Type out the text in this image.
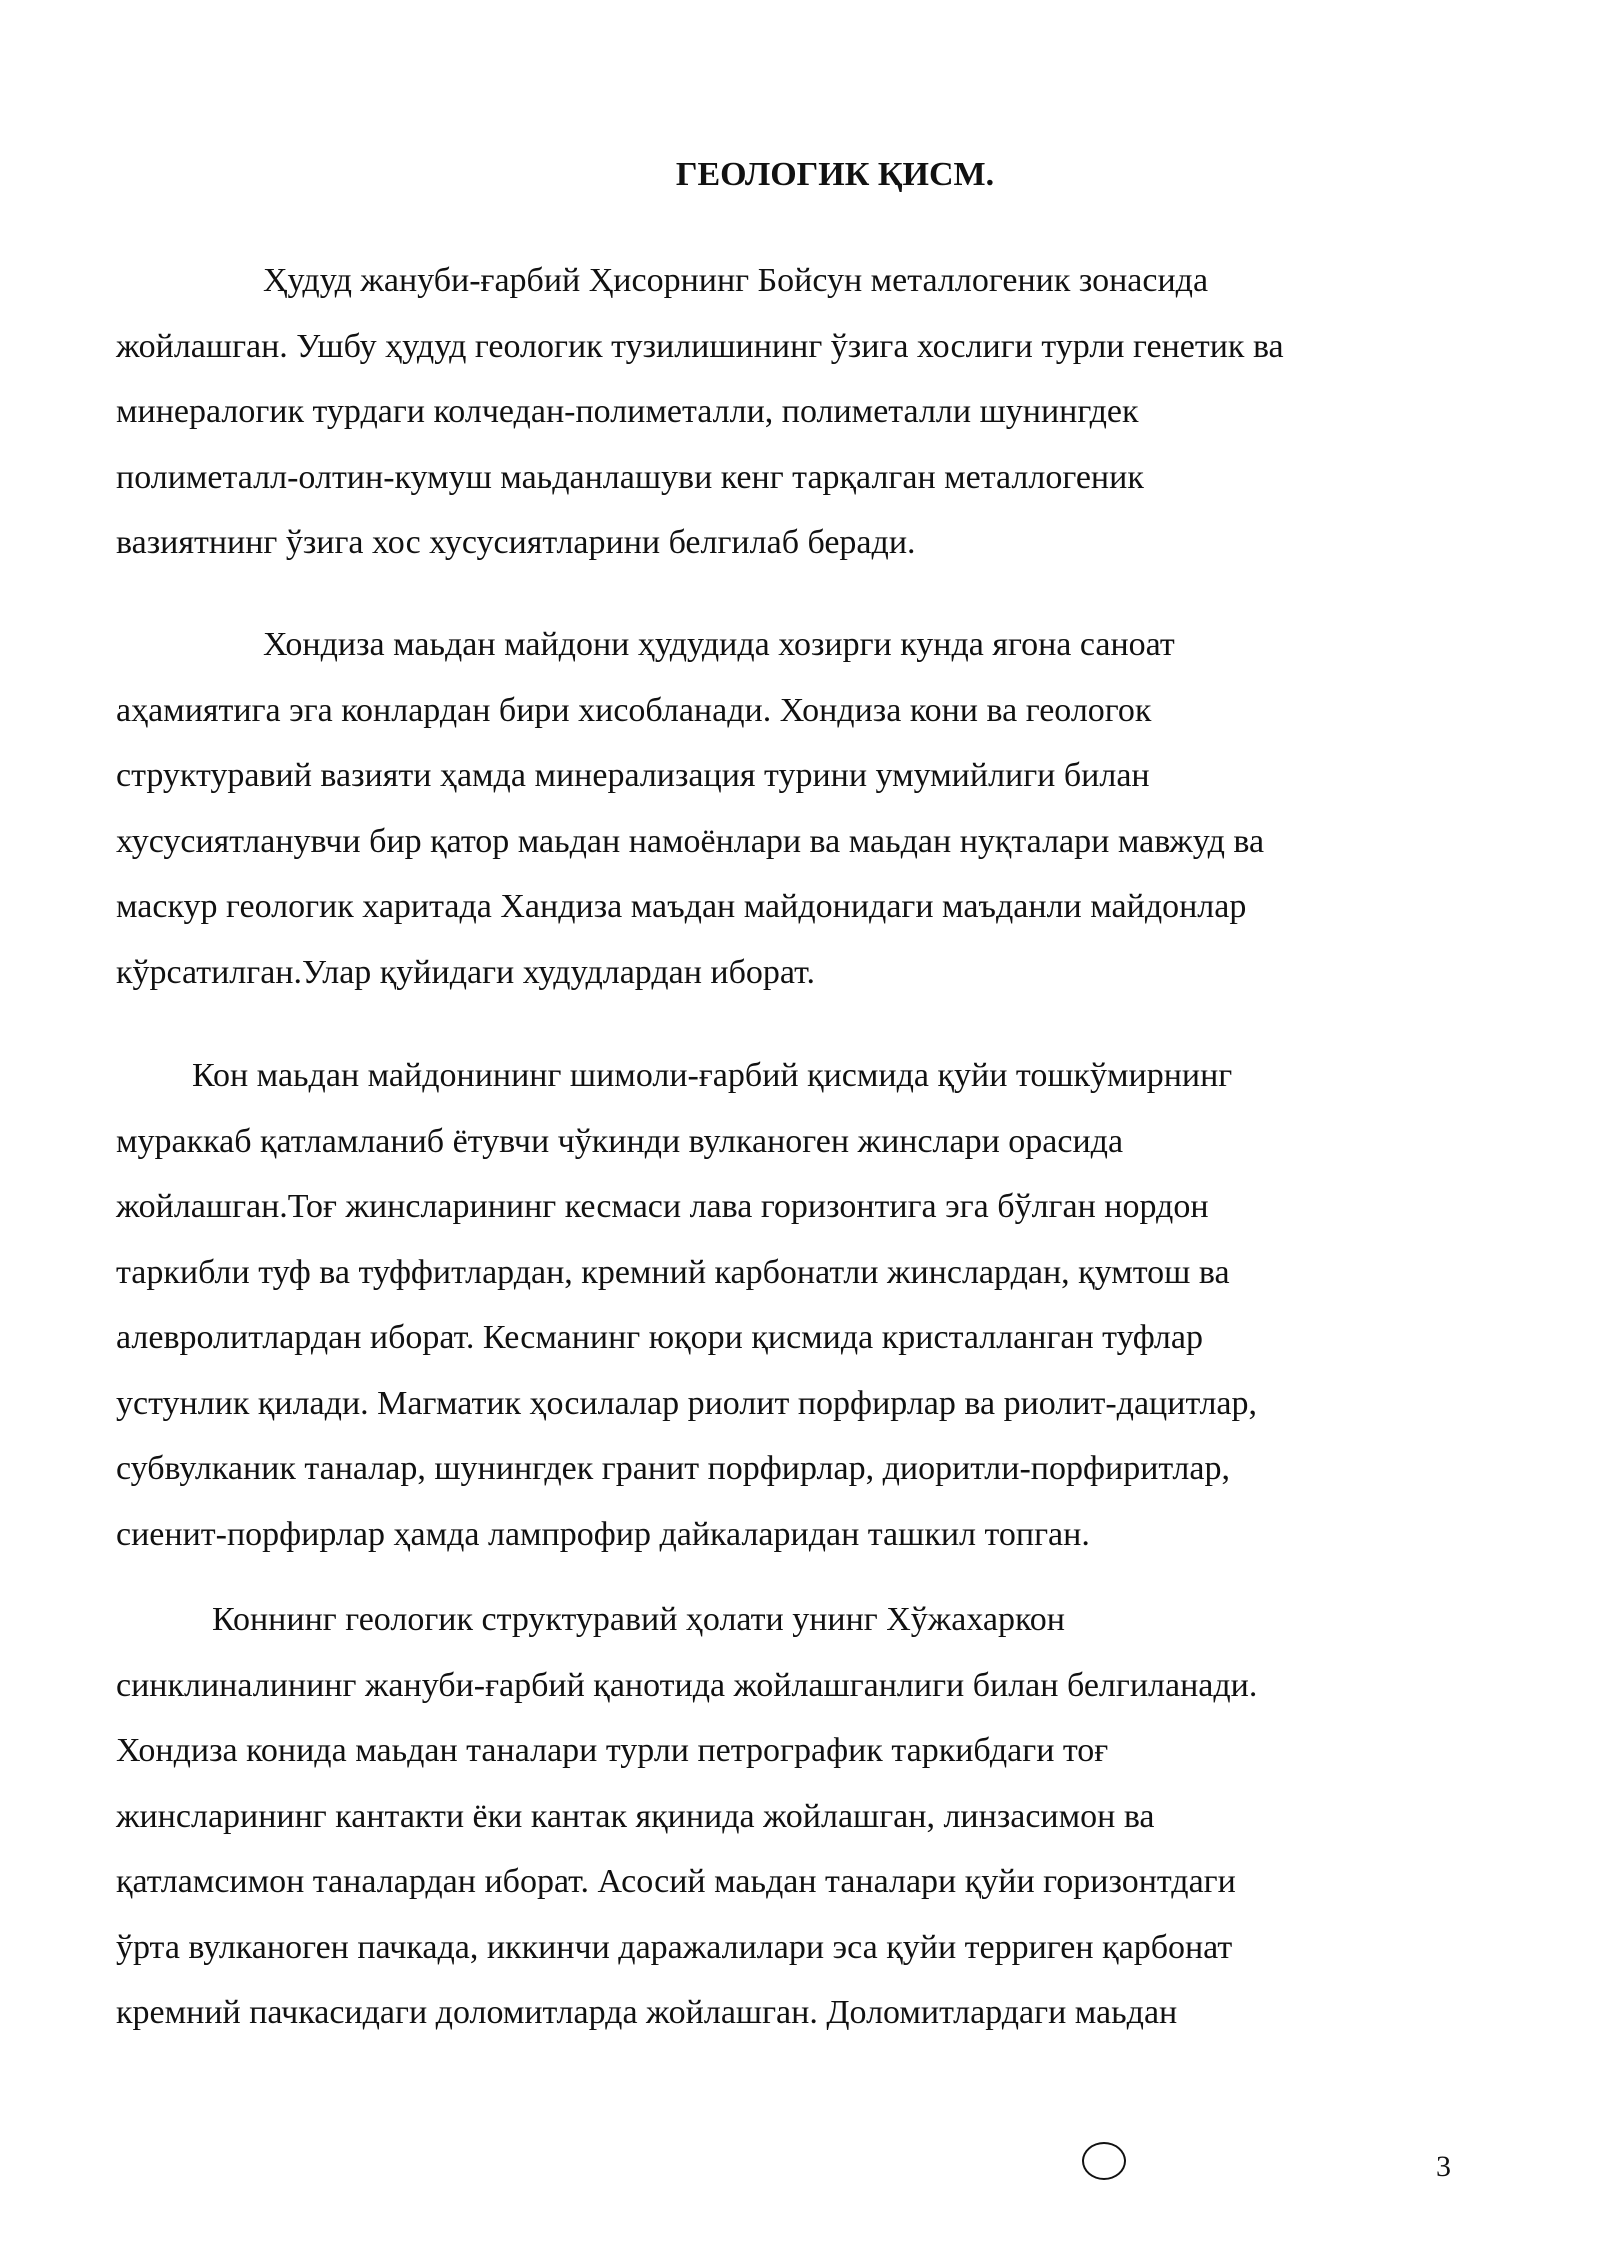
ГЕОЛОГИК ҚИСМ.

Ҳудуд жануби-ғарбий Ҳисорнинг Бойсун металлогеник зонасида
жойлашган. Ушбу ҳудуд геологик тузилишининг ўзига хослиги турли генетик ва
минералогик турдаги колчедан-полиметалли, полиметалли шунингдек
полиметалл-олтин-кумуш маьданлашуви кенг тарқалган металлогеник
вазиятнинг ўзига хос хусусиятларини белгилаб беради.

Хондиза маьдан майдони ҳудудида хозирги кунда ягона саноат
аҳамиятига эга конлардан бири хисобланади. Хондиза кони ва геологок
структуравий вазияти ҳамда минерализация турини умумийлиги билан
хусусиятланувчи бир қатор маьдан намоёнлари ва маьдан нуқталари мавжуд ва
маскур геологик харитада Хандиза маъдан майдонидаги маъданли майдонлар
кўрсатилган.Улар қуйидаги худудлардан иборат.

Кон маьдан майдонининг шимоли-ғарбий қисмида қуйи тошкўмирнинг
мураккаб қатламланиб ётувчи чўкинди вулканоген жинслари орасида
жойлашган.Тоғ жинсларининг кесмаси лава горизонтига эга бўлган нордон
таркибли туф ва туффитлардан, кремний карбонатли жинслардан, қумтош ва
алевролитлардан иборат. Кесманинг юқори қисмида кристалланган туфлар
устунлик қилади. Магматик ҳосилалар риолит порфирлар ва риолит-дацитлар,
субвулканик таналар, шунингдек гранит порфирлар, диоритли-порфиритлар,
сиенит-порфирлар ҳамда лампрофир дайкаларидан ташкил топган.

Коннинг геологик структуравий ҳолати унинг Хўжахаркон
синклиналининг жануби-ғарбий қанотида жойлашганлиги билан белгиланади.
Хондиза конида маьдан таналари турли петрографик таркибдаги тоғ
жинсларининг кантакти ёки кантак яқинида жойлашган, линзасимон ва
қатламсимон таналардан иборат. Асосий маьдан таналари қуйи горизонтдаги
ўрта вулканоген пачкада, иккинчи даражалилари эса қуйи терриген қарбонат
кремний пачкасидаги доломитларда жойлашган. Доломитлардаги маьдан

3
